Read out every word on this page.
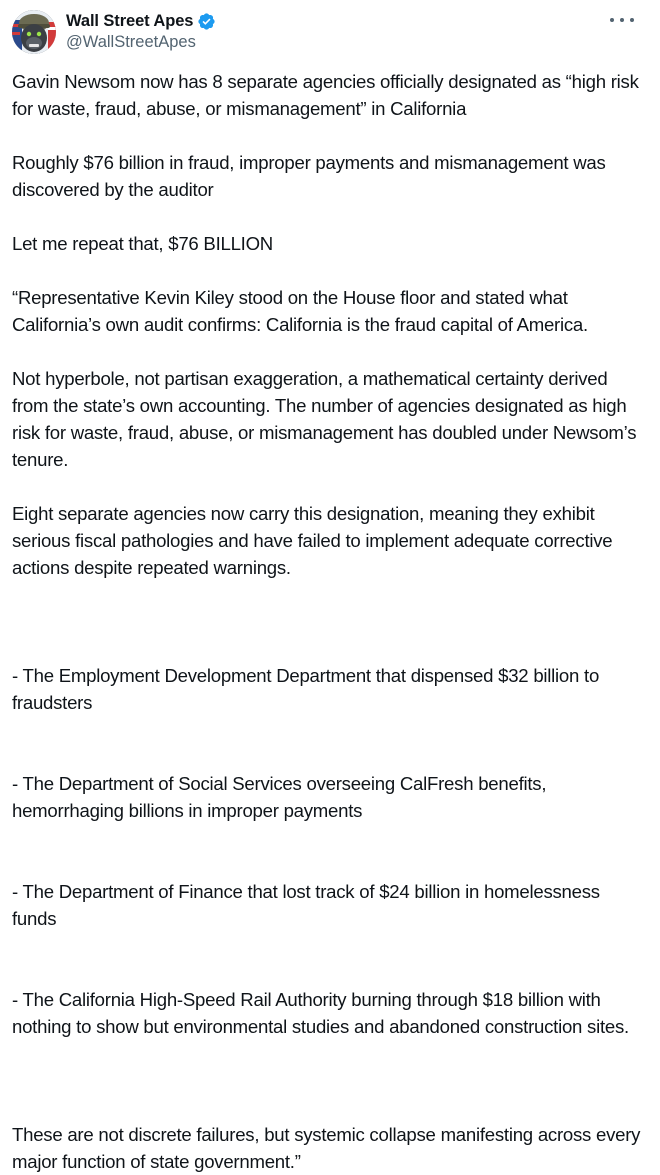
Wall Street Apes
@WallStreetApes

Gavin Newsom now has 8 separate agencies officially designated as “high risk for waste, fraud, abuse, or mismanagement” in California

Roughly $76 billion in fraud, improper payments and mismanagement was discovered by the auditor

Let me repeat that, $76 BILLION

“Representative Kevin Kiley stood on the House floor and stated what California’s own audit confirms: California is the fraud capital of America.

Not hyperbole, not partisan exaggeration, a mathematical certainty derived from the state’s own accounting. The number of agencies designated as high risk for waste, fraud, abuse, or mismanagement has doubled under Newsom’s tenure.

Eight separate agencies now carry this designation, meaning they exhibit serious fiscal pathologies and have failed to implement adequate corrective actions despite repeated warnings.

- The Employment Development Department that dispensed $32 billion to fraudsters

- The Department of Social Services overseeing CalFresh benefits, hemorrhaging billions in improper payments

- The Department of Finance that lost track of $24 billion in homelessness funds

- The California High-Speed Rail Authority burning through $18 billion with nothing to show but environmental studies and abandoned construction sites.

These are not discrete failures, but systemic collapse manifesting across every major function of state government.”
